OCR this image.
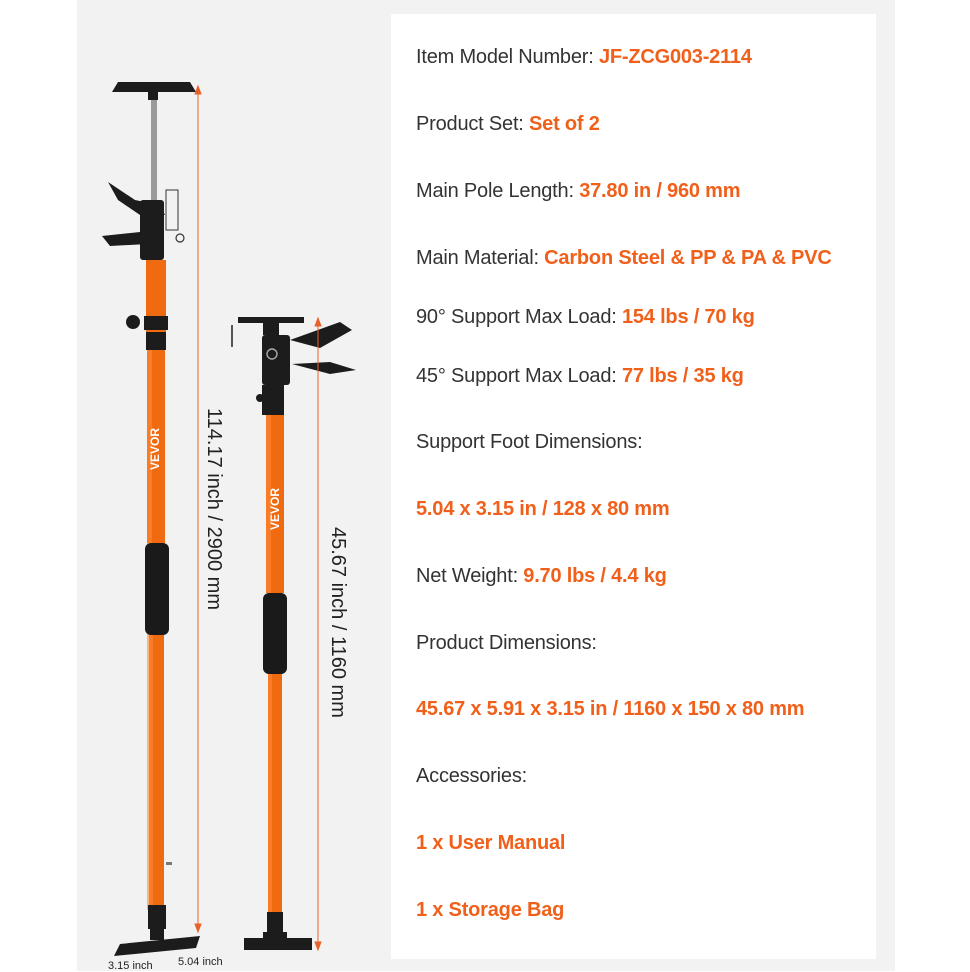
VEVOR
VEVOR
114.17 inch / 2900 mm
45.67 inch / 1160 mm
3.15 inch 5.04 inch
Item Model Number: JF-ZCG003-2114
Product Set: Set of 2
Main Pole Length: 37.80 in / 960 mm
Main Material: Carbon Steel & PP & PA & PVC
90° Support Max Load: 154 lbs / 70 kg
45° Support Max Load: 77 lbs / 35 kg
Support Foot Dimensions:
5.04 x 3.15 in / 128 x 80 mm
Net Weight: 9.70 lbs / 4.4 kg
Product Dimensions:
45.67 x 5.91 x 3.15 in / 1160 x 150 x 80 mm
Accessories:
1 x User Manual
1 x Storage Bag
